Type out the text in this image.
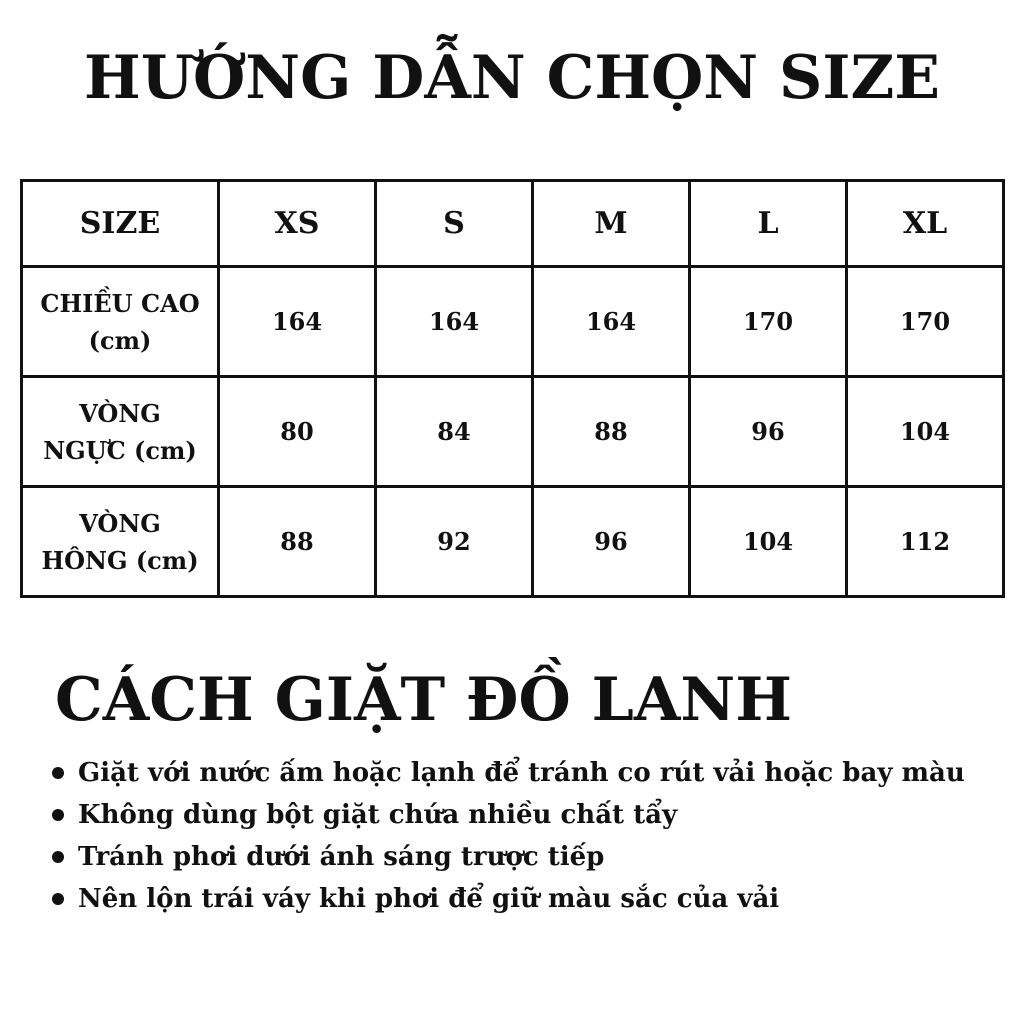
HƯỚNG DẪN CHỌN SIZE
SIZE	XS	S	M	L	XL
CHIỀU CAO
(cm)	164	164	164	170	170
VÒNG
NGỰC (cm)	80	84	88	96	104
VÒNG
HÔNG (cm)	88	92	96	104	112
CÁCH GIẶT ĐỒ LANH
Giặt với nước ấm hoặc lạnh để tránh co rút vải hoặc bay màu
Không dùng bột giặt chứa nhiều chất tẩy
Tránh phơi dưới ánh sáng trược tiếp
Nên lộn trái váy khi phơi để giữ màu sắc của vải
